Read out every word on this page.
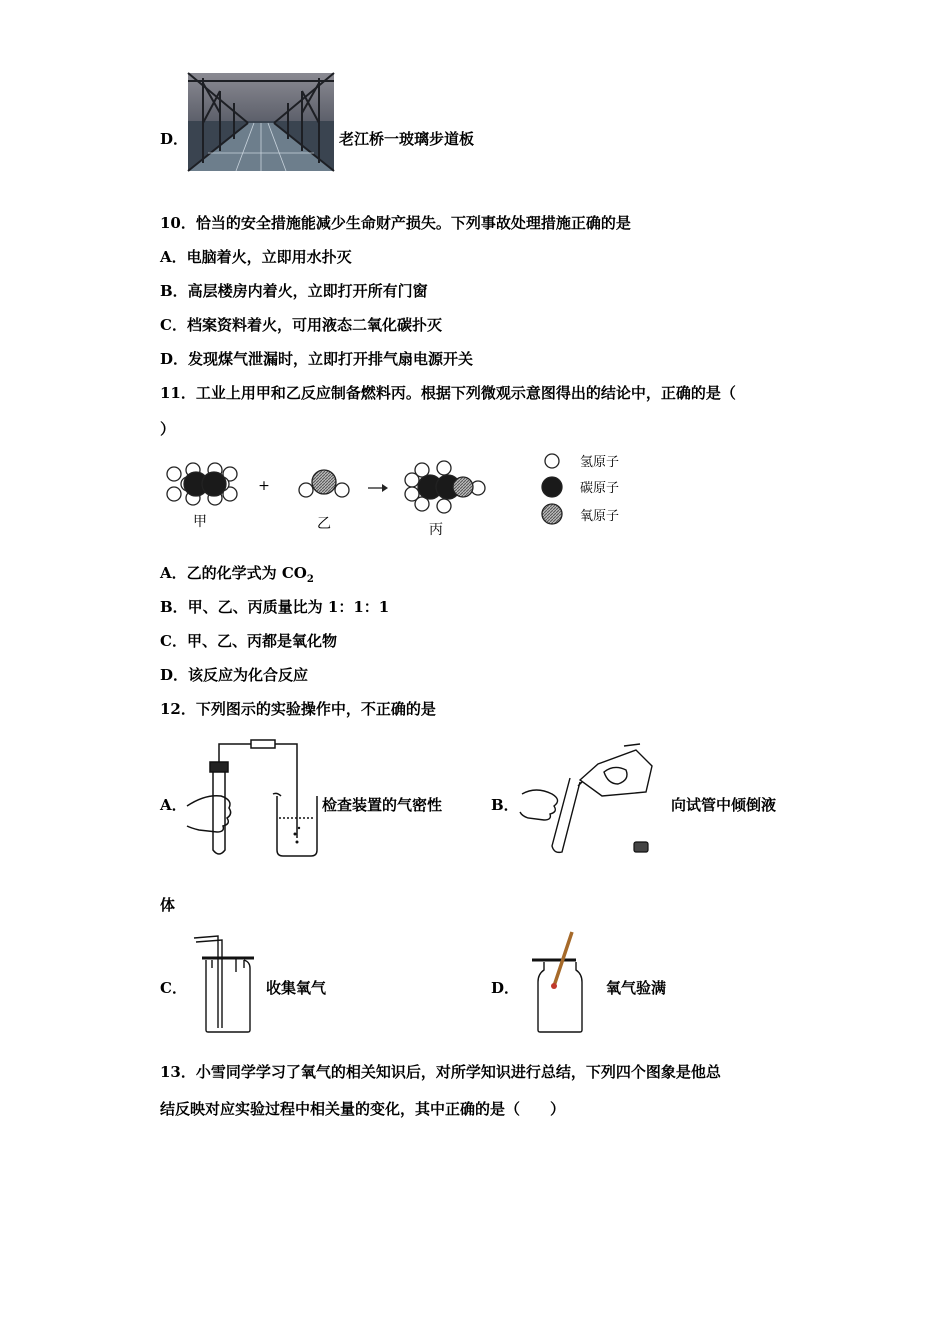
D．	老江桥一玻璃步道板
10．恰当的安全措施能减少生命财产损失。下列事故处理措施正确的是
A．电脑着火，立即用水扑灭
B．高层楼房内着火，立即打开所有门窗
C．档案资料着火，可用液态二氧化碳扑灭
D．发现煤气泄漏时，立即打开排气扇电源开关
11．工业上用甲和乙反应制备燃料丙。根据下列微观示意图得出的结论中，正确的是（
）
+
甲	乙	丙
氢原子
碳原子
氧原子
A．乙的化学式为 $CO_2$
B．甲、乙、丙质量比为 1：1：1
C．甲、乙、丙都是氧化物
D．该反应为化合反应
12．下列图示的实验操作中，不正确的是
A．	检查装置的气密性	B．	向试管中倾倒液
体
C．	收集氧气	D．	氧气验满
13．小雪同学学习了氧气的相关知识后，对所学知识进行总结，下列四个图象是他总
结反映对应实验过程中相关量的变化，其中正确的是（　　）
